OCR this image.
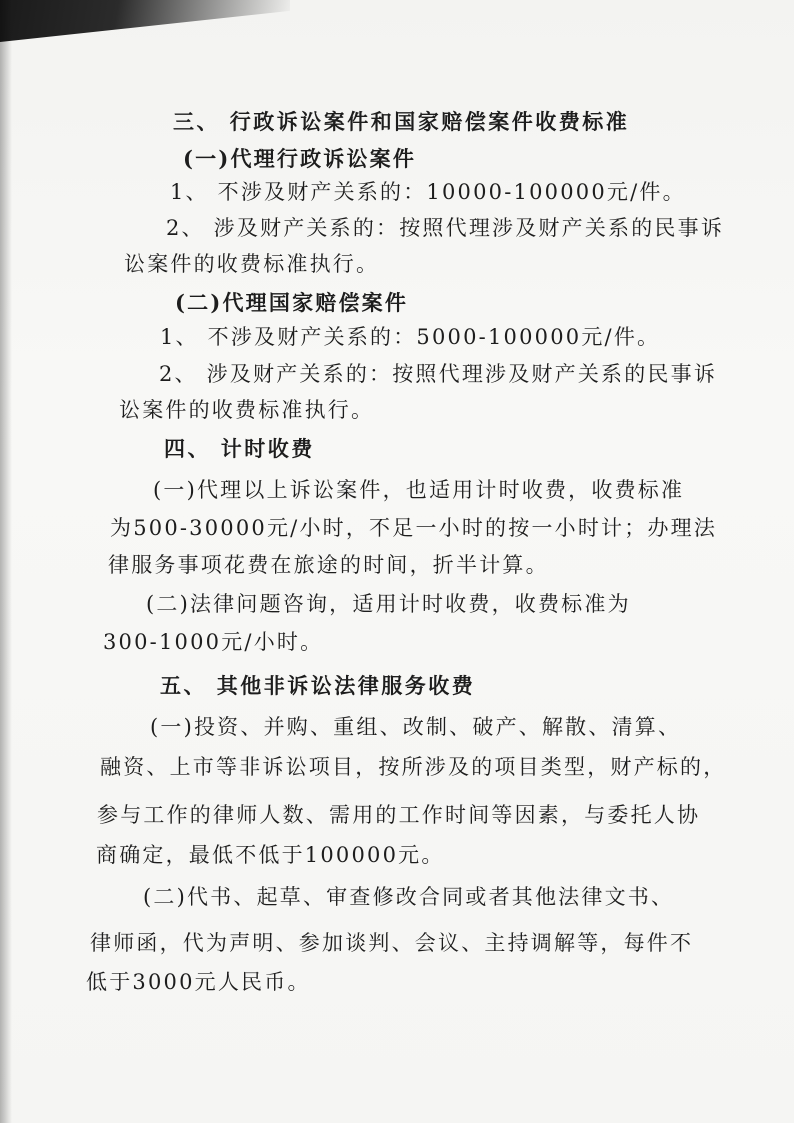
三、 行政诉讼案件和国家赔偿案件收费标准
(一)代理行政诉讼案件
1、 不涉及财产关系的：10000-100000元/件。
2、 涉及财产关系的：按照代理涉及财产关系的民事诉
讼案件的收费标准执行。
(二)代理国家赔偿案件
1、 不涉及财产关系的：5000-100000元/件。
2、 涉及财产关系的：按照代理涉及财产关系的民事诉
讼案件的收费标准执行。
四、 计时收费
(一)代理以上诉讼案件，也适用计时收费，收费标准
为500-30000元/小时，不足一小时的按一小时计；办理法
律服务事项花费在旅途的时间，折半计算。
(二)法律问题咨询，适用计时收费，收费标准为
300-1000元/小时。
五、 其他非诉讼法律服务收费
(一)投资、并购、重组、改制、破产、解散、清算、
融资、上市等非诉讼项目，按所涉及的项目类型，财产标的，
参与工作的律师人数、需用的工作时间等因素，与委托人协
商确定，最低不低于100000元。
(二)代书、起草、审查修改合同或者其他法律文书、
律师函，代为声明、参加谈判、会议、主持调解等，每件不
低于3000元人民币。
